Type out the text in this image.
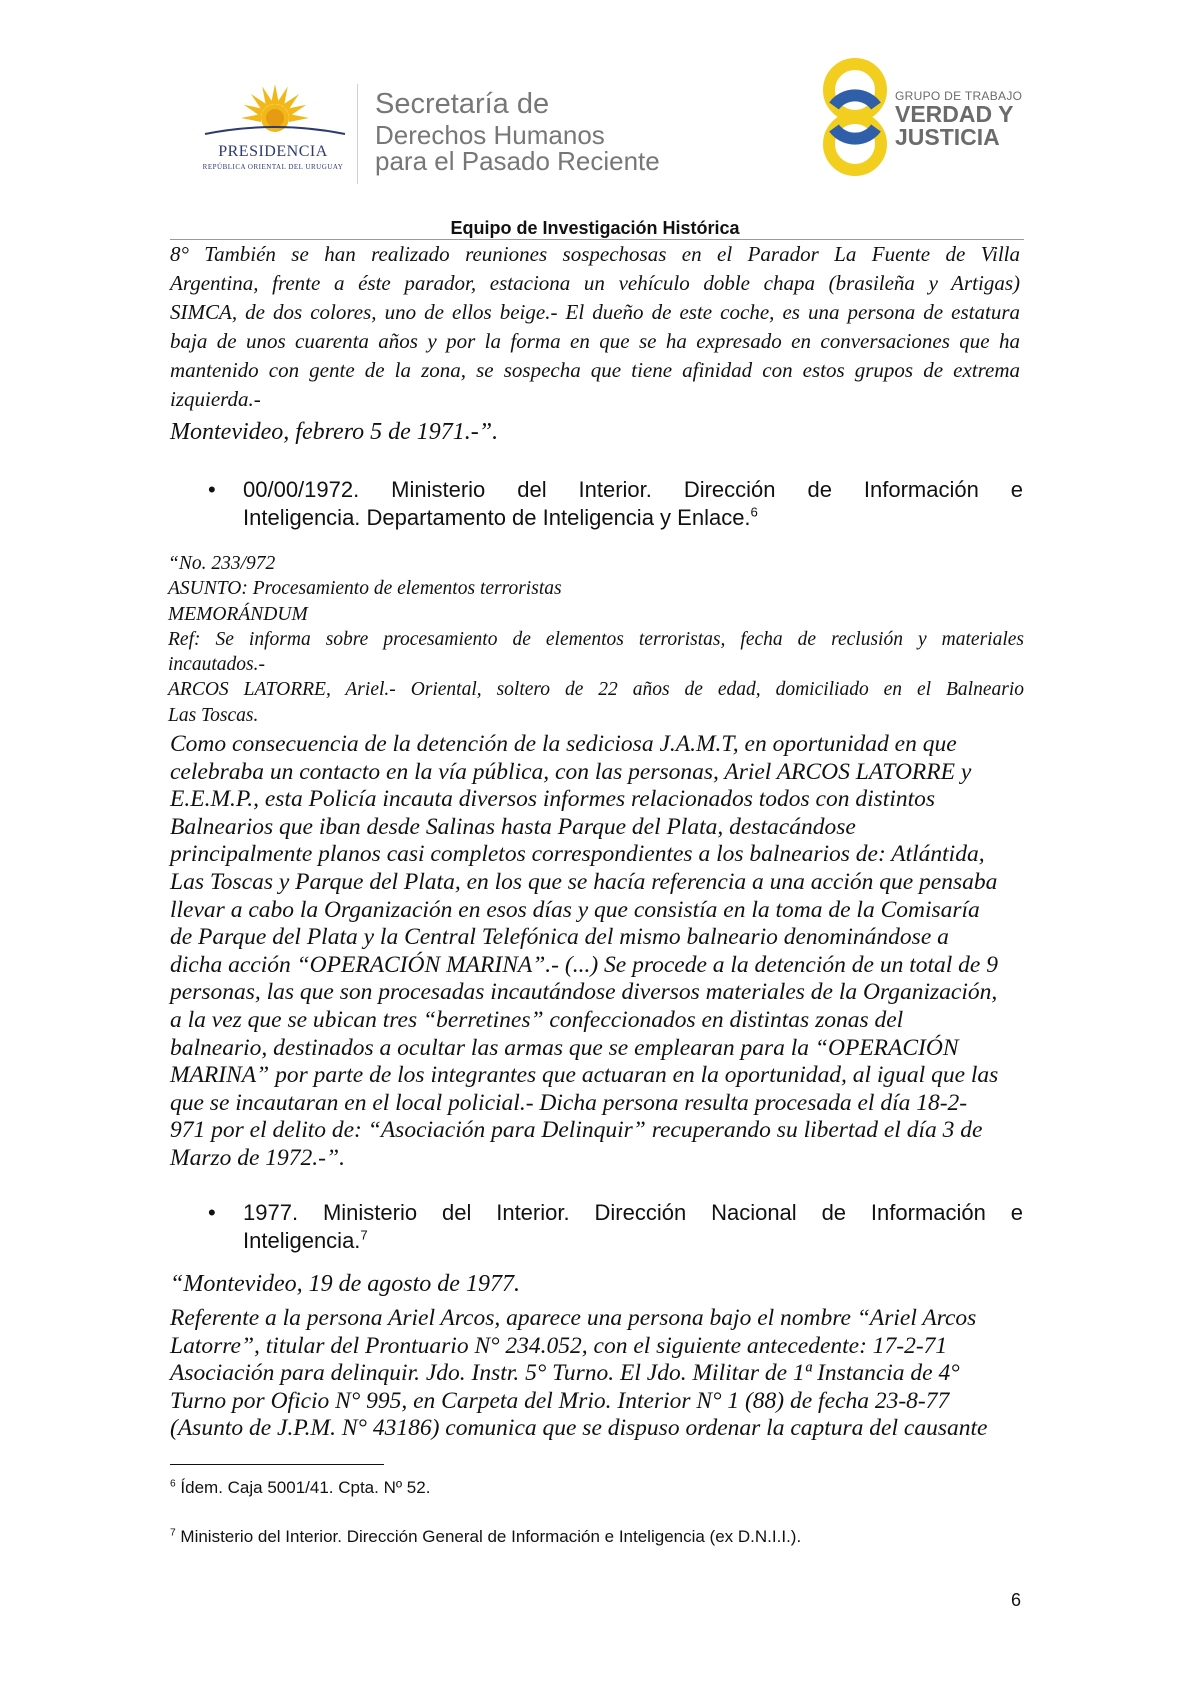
PRESIDENCIA
REPÚBLICA ORIENTAL DEL URUGUAY
Secretaría de
Derechos Humanos
para el Pasado Reciente
GRUPO DE TRABAJO
VERDAD Y
JUSTICIA
Equipo de Investigación Histórica
8° También se han realizado reuniones sospechosas en el Parador La Fuente de Villa
Argentina, frente a éste parador, estaciona un vehículo doble chapa (brasileña y Artigas)
SIMCA, de dos colores, uno de ellos beige.- El dueño de este coche, es una persona de estatura
baja de unos cuarenta años y por la forma en que se ha expresado en conversaciones que ha
mantenido con gente de la zona, se sospecha que tiene afinidad con estos grupos de extrema
izquierda.-
Montevideo, febrero 5 de 1971.-”.
• 00/00/1972. Ministerio del Interior. Dirección de Información e
Inteligencia. Departamento de Inteligencia y Enlace.$^6$
“No. 233/972
ASUNTO: Procesamiento de elementos terroristas
MEMORÁNDUM
Ref: Se informa sobre procesamiento de elementos terroristas, fecha de reclusión y materiales
incautados.-
ARCOS LATORRE, Ariel.- Oriental, soltero de 22 años de edad, domiciliado en el Balneario
Las Toscas.
Como consecuencia de la detención de la sediciosa J.A.M.T, en oportunidad en que
celebraba un contacto en la vía pública, con las personas, Ariel ARCOS LATORRE y
E.E.M.P., esta Policía incauta diversos informes relacionados todos con distintos
Balnearios que iban desde Salinas hasta Parque del Plata, destacándose
principalmente planos casi completos correspondientes a los balnearios de: Atlántida,
Las Toscas y Parque del Plata, en los que se hacía referencia a una acción que pensaba
llevar a cabo la Organización en esos días y que consistía en la toma de la Comisaría
de Parque del Plata y la Central Telefónica del mismo balneario denominándose a
dicha acción “OPERACIÓN MARINA”.- (...) Se procede a la detención de un total de 9
personas, las que son procesadas incautándose diversos materiales de la Organización,
a la vez que se ubican tres “berretines” confeccionados en distintas zonas del
balneario, destinados a ocultar las armas que se emplearan para la “OPERACIÓN
MARINA” por parte de los integrantes que actuaran en la oportunidad, al igual que las
que se incautaran en el local policial.- Dicha persona resulta procesada el día 18-2-
971 por el delito de: “Asociación para Delinquir” recuperando su libertad el día 3 de
Marzo de 1972.-”.
• 1977. Ministerio del Interior. Dirección Nacional de Información e
Inteligencia.$^7$
“Montevideo, 19 de agosto de 1977.
Referente a la persona Ariel Arcos, aparece una persona bajo el nombre “Ariel Arcos
Latorre”, titular del Prontuario N° 234.052, con el siguiente antecedente: 17-2-71
Asociación para delinquir. Jdo. Instr. 5° Turno. El Jdo. Militar de 1ª Instancia de 4°
Turno por Oficio N° 995, en Carpeta del Mrio. Interior N° 1 (88) de fecha 23-8-77
(Asunto de J.P.M. N° 43186) comunica que se dispuso ordenar la captura del causante
$^6$ Ídem. Caja 5001/41. Cpta. Nº 52.
$^7$ Ministerio del Interior. Dirección General de Información e Inteligencia (ex D.N.I.I.).
6
